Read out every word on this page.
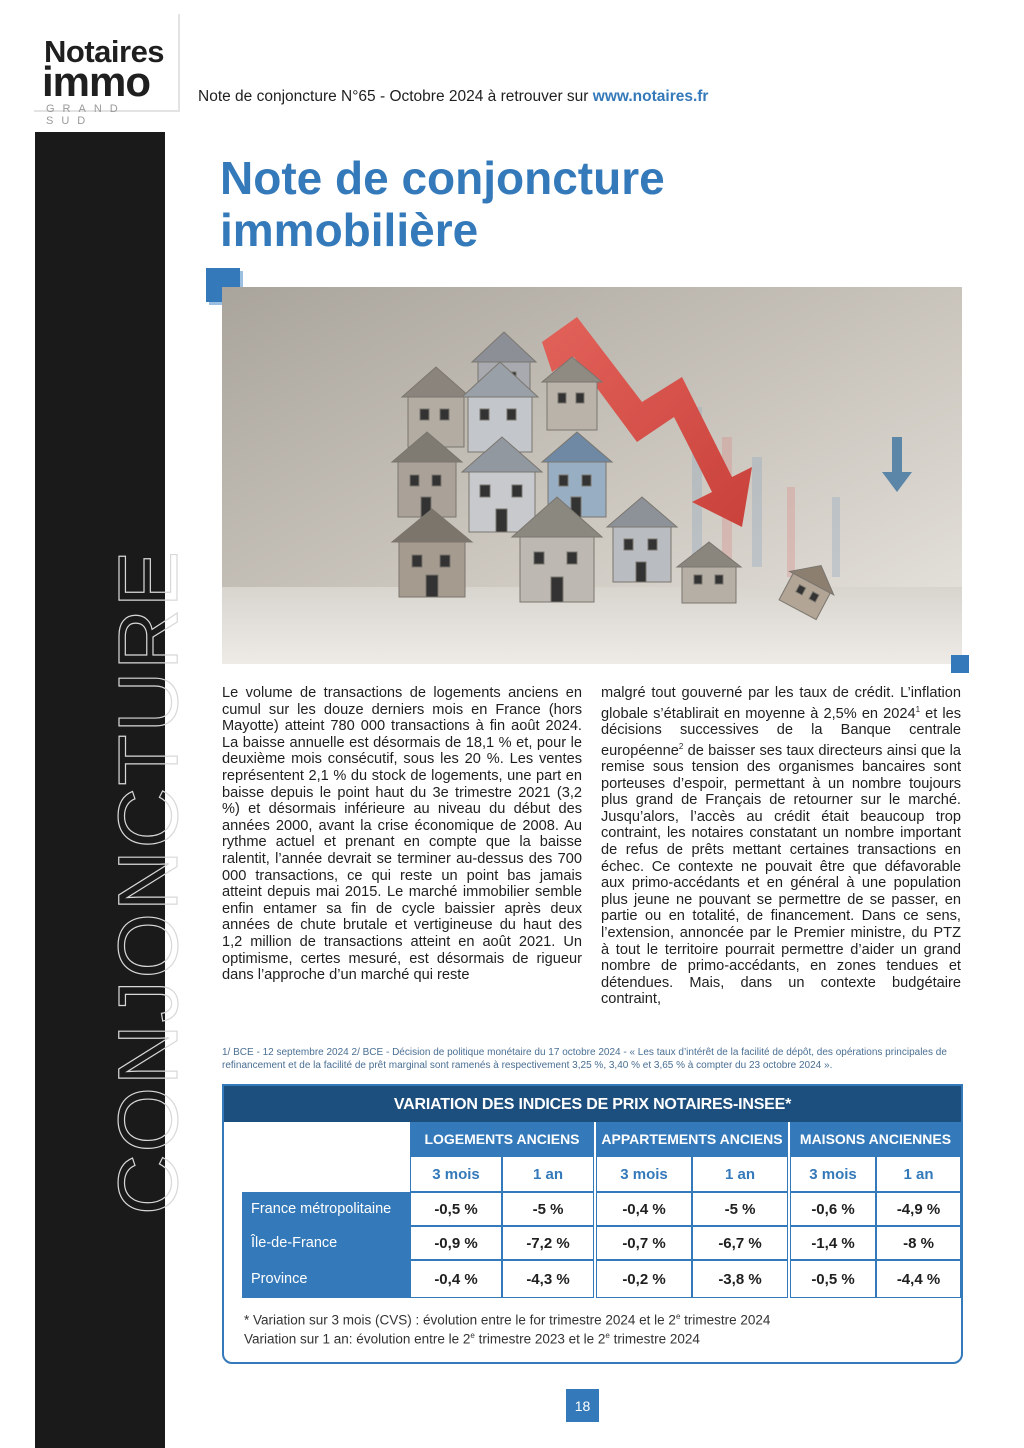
Notaires
immo
GRAND SUD
Note de conjoncture N°65 - Octobre 2024 à retrouver sur www.notaires.fr
CONJONCTURE
Note de conjoncture immobilière

Le volume de transactions de logements anciens en cumul sur les douze derniers mois en France (hors Mayotte) atteint 780 000 transactions à fin août 2024. La baisse annuelle est désormais de 18,1 % et, pour le deuxième mois consécutif, sous les 20 %. Les ventes représentent 2,1 % du stock de logements, une part en baisse depuis le point haut du 3e trimestre 2021 (3,2 %) et désormais inférieure au niveau du début des années 2000, avant la crise économique de 2008. Au rythme actuel et prenant en compte que la baisse ralentit, l’année devrait se terminer au-dessus des 700 000 transactions, ce qui reste un point bas jamais atteint depuis mai 2015. Le marché immobilier semble enfin entamer sa fin de cycle baissier après deux années de chute brutale et vertigineuse du haut des 1,2 million de transactions atteint en août 2021. Un optimisme, certes mesuré, est désormais de rigueur dans l’approche d’un marché qui reste

malgré tout gouverné par les taux de crédit. L’inflation globale s’établirait en moyenne à 2,5% en 2024$^1$ et les décisions successives de la Banque centrale européenne$^2$ de baisser ses taux directeurs ainsi que la remise sous tension des organismes bancaires sont porteuses d’espoir, permettant à un nombre toujours plus grand de Français de retourner sur le marché. Jusqu’alors, l’accès au crédit était beaucoup trop contraint, les notaires constatant un nombre important de refus de prêts mettant certaines transactions en échec. Ce contexte ne pouvait être que défavorable aux primo-accédants et en général à une population plus jeune ne pouvant se permettre de se passer, en partie ou en totalité, de financement. Dans ce sens, l’extension, annoncée par le Premier ministre, du PTZ à tout le territoire pourrait permettre d’aider un grand nombre de primo-accédants, en zones tendues et détendues. Mais, dans un contexte budgétaire contraint,

1/ BCE - 12 septembre 2024 2/ BCE - Décision de politique monétaire du 17 octobre 2024 - « Les taux d’intérêt de la facilité de dépôt, des opérations principales de refinancement et de la facilité de prêt marginal sont ramenés à respectivement 3,25 %, 3,40 % et 3,65 % à compter du 23 octobre 2024 ».

VARIATION DES INDICES DE PRIX NOTAIRES-INSEE*
LOGEMENTS ANCIENS	APPARTEMENTS ANCIENS	MAISONS ANCIENNES
3 mois	1 an	3 mois	1 an	3 mois	1 an
France métropolitaine	-0,5 %	-5 %	-0,4 %	-5 %	-0,6 %	-4,9 %
Île-de-France	-0,9 %	-7,2 %	-0,7 %	-6,7 %	-1,4 %	-8 %
Province	-0,4 %	-4,3 %	-0,2 %	-3,8 %	-0,5 %	-4,4 %
* Variation sur 3 mois (CVS) : évolution entre le for trimestre 2024 et le 2e trimestre 2024
Variation sur 1 an: évolution entre le 2e trimestre 2023 et le 2e trimestre 2024
18
